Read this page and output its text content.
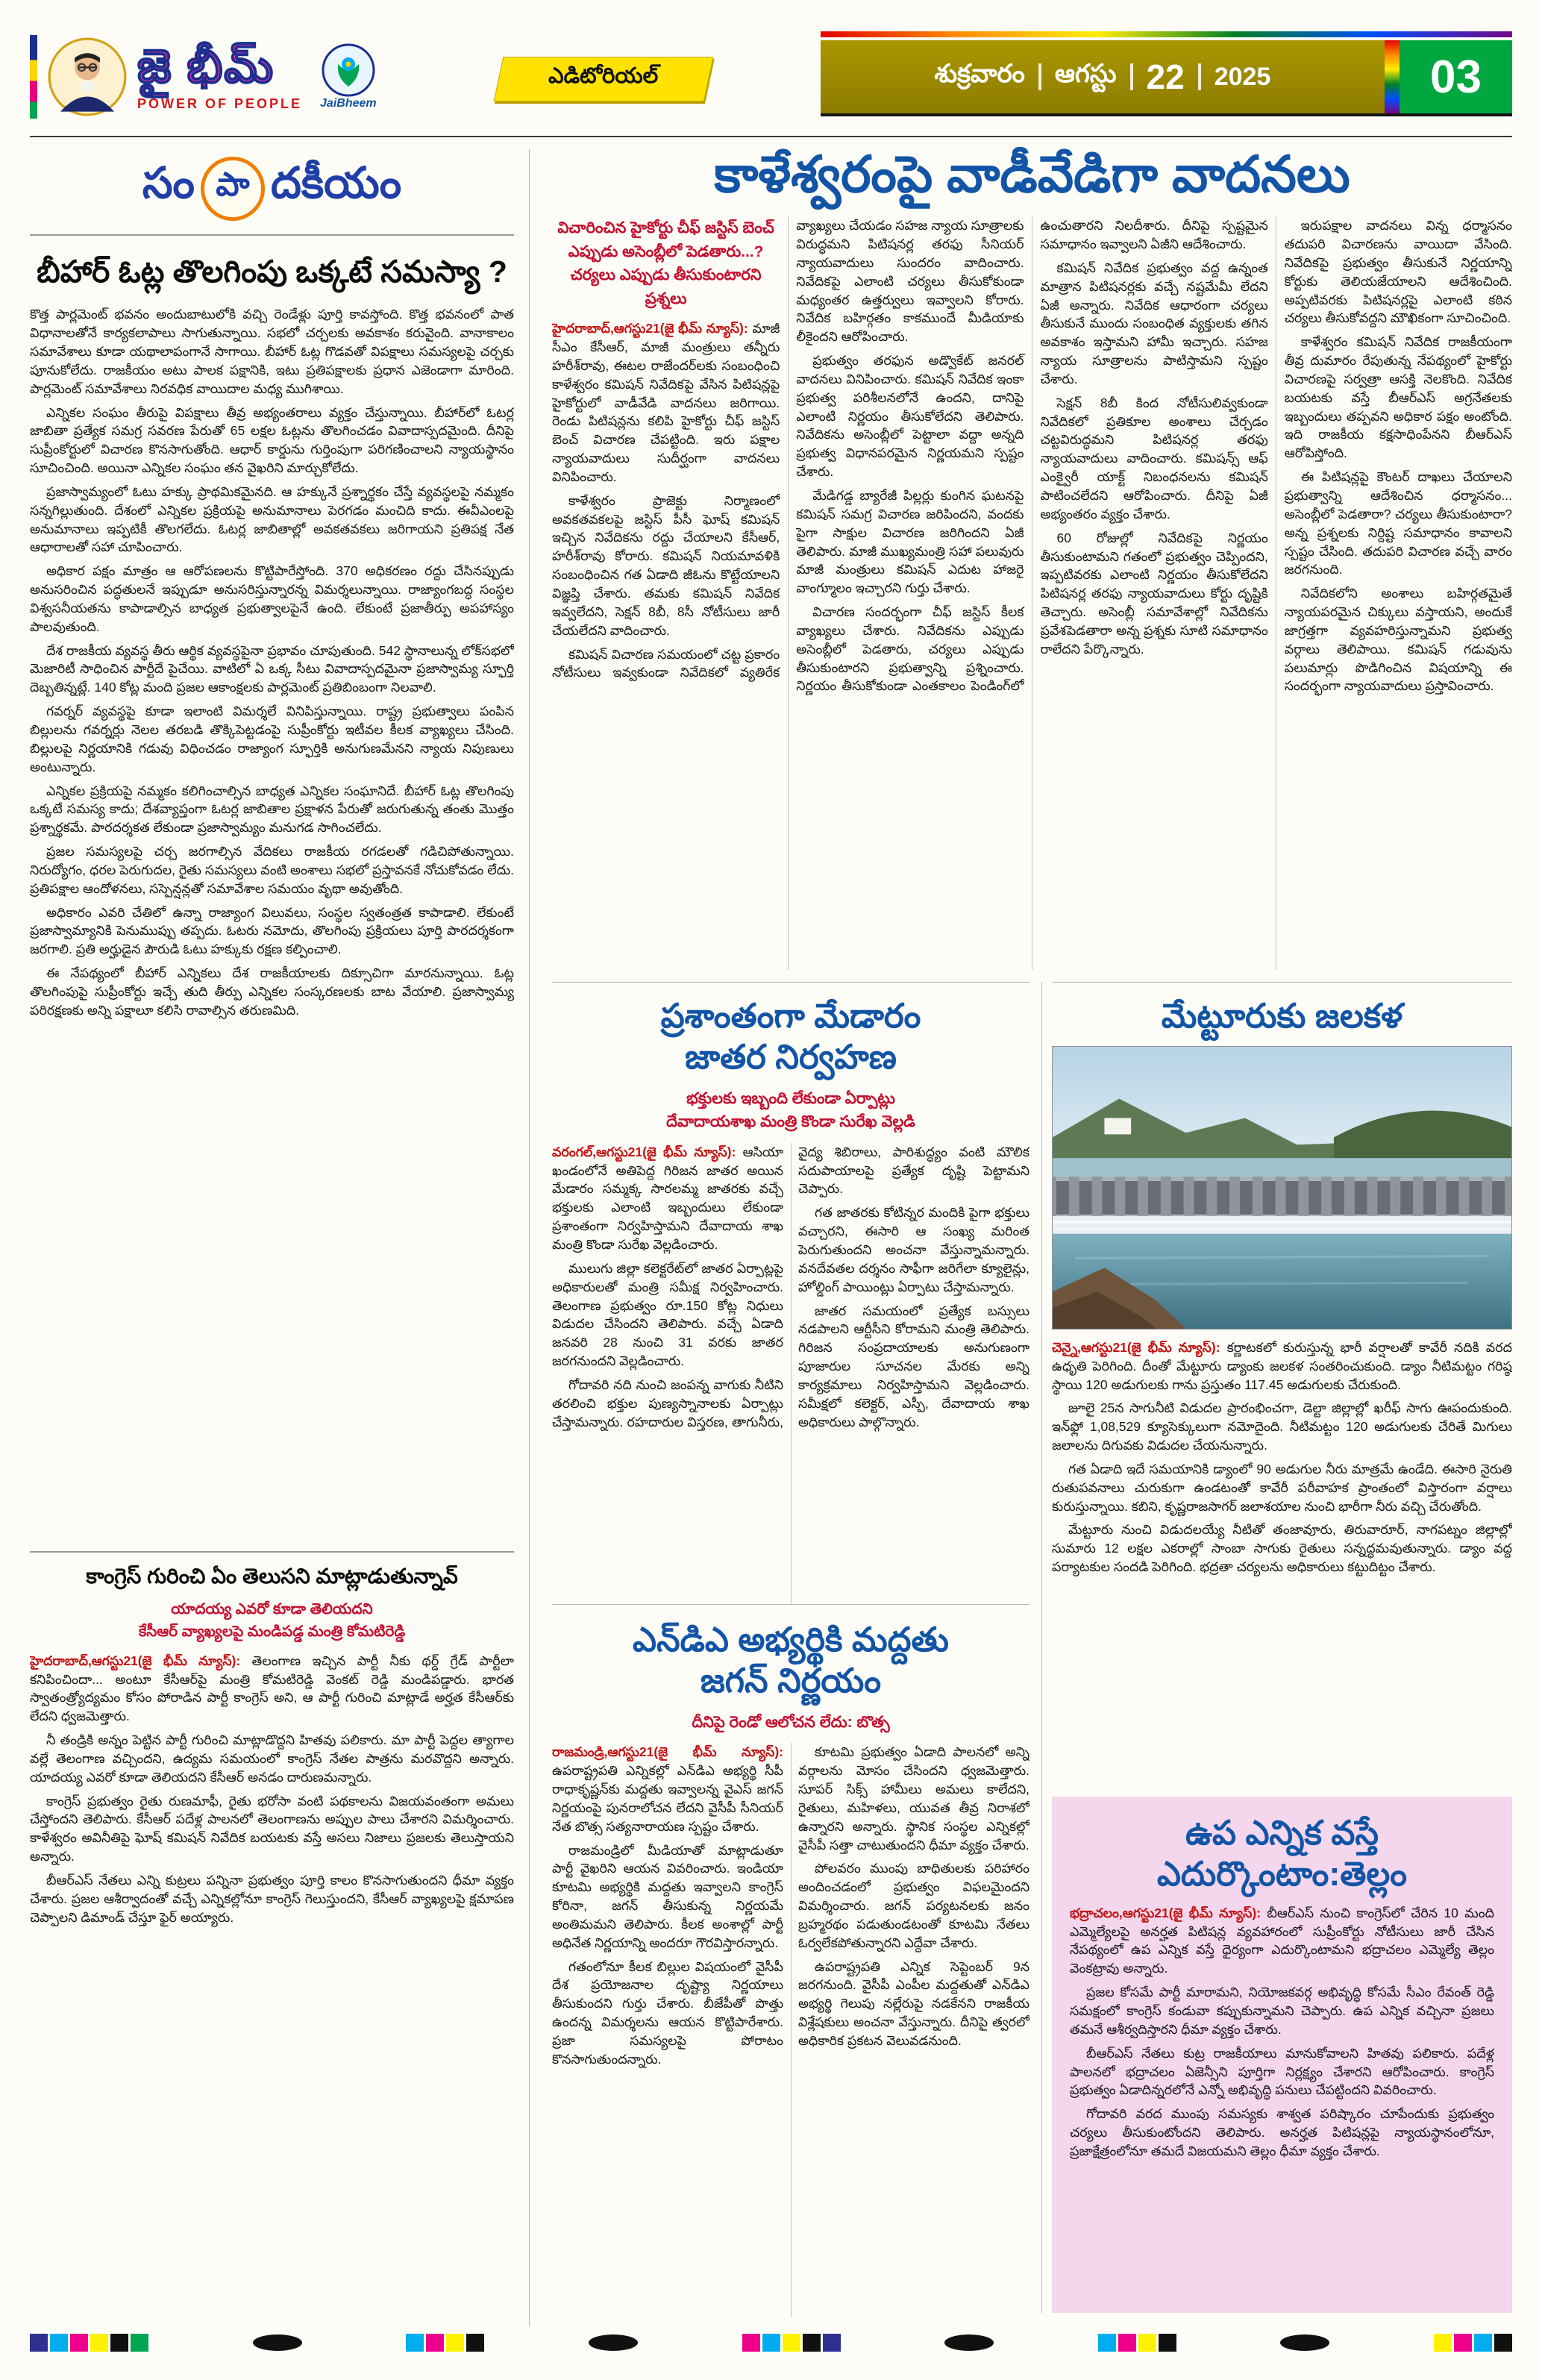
జై భీమ్
POWER OF PEOPLE JaiBheem
ఎడిటోరియల్	శుక్రవారం ఆగస్టు 22 2025	03
సం పా దకీయం
బీహార్ ఓట్ల తొలగింపు ఒక్కటే సమస్యా ?

కొత్త పార్లమెంట్ భవనం అందుబాటులోకి వచ్చి రెండేళ్లు పూర్తి కావస్తోంది. కొత్త భవనంలో పాత విధానాలతోనే కార్యకలాపాలు సాగుతున్నాయి. సభలో చర్చలకు అవకాశం కరువైంది. వానాకాలం సమావేశాలు కూడా యథాలాపంగానే సాగాయి. బీహార్ ఓట్ల గొడవతో విపక్షాలు సమస్యలపై చర్చకు పూనుకోలేదు. రాజకీయం అటు పాలక పక్షానికి, ఇటు ప్రతిపక్షాలకు ప్రధాన ఎజెండాగా మారింది. పార్లమెంట్ సమావేశాలు నిరవధిక వాయిదాల మధ్య ముగిశాయి.

ఎన్నికల సంఘం తీరుపై విపక్షాలు తీవ్ర అభ్యంతరాలు వ్యక్తం చేస్తున్నాయి. బీహార్‌లో ఓటర్ల జాబితా ప్రత్యేక సమగ్ర సవరణ పేరుతో 65 లక్షల ఓట్లను తొలగించడం వివాదాస్పదమైంది. దీనిపై సుప్రీంకోర్టులో విచారణ కొనసాగుతోంది. ఆధార్ కార్డును గుర్తింపుగా పరిగణించాలని న్యాయస్థానం సూచించింది. అయినా ఎన్నికల సంఘం తన వైఖరిని మార్చుకోలేదు.

ప్రజాస్వామ్యంలో ఓటు హక్కు ప్రాథమికమైనది. ఆ హక్కునే ప్రశ్నార్థకం చేస్తే వ్యవస్థలపై నమ్మకం సన్నగిల్లుతుంది. దేశంలో ఎన్నికల ప్రక్రియపై అనుమానాలు పెరగడం మంచిది కాదు. ఈవీఎంలపై అనుమానాలు ఇప్పటికీ తొలగలేదు. ఓటర్ల జాబితాల్లో అవకతవకలు జరిగాయని ప్రతిపక్ష నేత ఆధారాలతో సహా చూపించారు.

అధికార పక్షం మాత్రం ఆ ఆరోపణలను కొట్టిపారేస్తోంది. 370 అధికరణం రద్దు చేసినప్పుడు అనుసరించిన పద్ధతులనే ఇప్పుడూ అనుసరిస్తున్నారన్న విమర్శలున్నాయి. రాజ్యాంగబద్ధ సంస్థల విశ్వసనీయతను కాపాడాల్సిన బాధ్యత ప్రభుత్వాలపైనే ఉంది. లేకుంటే ప్రజాతీర్పు అపహాస్యం పాలవుతుంది.

దేశ రాజకీయ వ్యవస్థ తీరు ఆర్థిక వ్యవస్థపైనా ప్రభావం చూపుతుంది. 542 స్థానాలున్న లోక్‌సభలో మెజారిటీ సాధించిన పార్టీదే పైచేయి. వాటిలో ఏ ఒక్క సీటు వివాదాస్పదమైనా ప్రజాస్వామ్య స్ఫూర్తి దెబ్బతిన్నట్లే. 140 కోట్ల మంది ప్రజల ఆకాంక్షలకు పార్లమెంట్ ప్రతిబింబంగా నిలవాలి.

గవర్నర్ వ్యవస్థపై కూడా ఇలాంటి విమర్శలే వినిపిస్తున్నాయి. రాష్ట్ర ప్రభుత్వాలు పంపిన బిల్లులను గవర్నర్లు నెలల తరబడి తొక్కిపెట్టడంపై సుప్రీంకోర్టు ఇటీవల కీలక వ్యాఖ్యలు చేసింది. బిల్లులపై నిర్ణయానికి గడువు విధించడం రాజ్యాంగ స్ఫూర్తికి అనుగుణమేనని న్యాయ నిపుణులు అంటున్నారు.

ఎన్నికల ప్రక్రియపై నమ్మకం కలిగించాల్సిన బాధ్యత ఎన్నికల సంఘానిదే. బీహార్ ఓట్ల తొలగింపు ఒక్కటే సమస్య కాదు; దేశవ్యాప్తంగా ఓటర్ల జాబితాల ప్రక్షాళన పేరుతో జరుగుతున్న తంతు మొత్తం ప్రశ్నార్థకమే. పారదర్శకత లేకుండా ప్రజాస్వామ్యం మనుగడ సాగించలేదు.

ప్రజల సమస్యలపై చర్చ జరగాల్సిన వేదికలు రాజకీయ రగడలతో గడిచిపోతున్నాయి. నిరుద్యోగం, ధరల పెరుగుదల, రైతు సమస్యలు వంటి అంశాలు సభలో ప్రస్తావనకే నోచుకోవడం లేదు. ప్రతిపక్షాల ఆందోళనలు, సస్పెన్షన్లతో సమావేశాల సమయం వృథా అవుతోంది.

అధికారం ఎవరి చేతిలో ఉన్నా రాజ్యాంగ విలువలు, సంస్థల స్వతంత్రత కాపాడాలి. లేకుంటే ప్రజాస్వామ్యానికి పెనుముప్పు తప్పదు. ఓటరు నమోదు, తొలగింపు ప్రక్రియలు పూర్తి పారదర్శకంగా జరగాలి. ప్రతి అర్హుడైన పౌరుడి ఓటు హక్కుకు రక్షణ కల్పించాలి.

ఈ నేపథ్యంలో బీహార్ ఎన్నికలు దేశ రాజకీయాలకు దిక్సూచిగా మారనున్నాయి. ఓట్ల తొలగింపుపై సుప్రీంకోర్టు ఇచ్చే తుది తీర్పు ఎన్నికల సంస్కరణలకు బాట వేయాలి. ప్రజాస్వామ్య పరిరక్షణకు అన్ని పక్షాలూ కలిసి రావాల్సిన తరుణమిది.

కాంగ్రెస్ గురించి ఏం తెలుసని మాట్లాడుతున్నావ్
యాదయ్య ఎవరో కూడా తెలియదని
కేసీఆర్ వ్యాఖ్యలపై మండిపడ్డ మంత్రి కోమటిరెడ్డి

హైదరాబాద్,ఆగస్టు21(జై భీమ్ న్యూస్): తెలంగాణ ఇచ్చిన పార్టీ నీకు థర్డ్ గ్రేడ్ పార్టీలా కనిపించిందా... అంటూ కేసీఆర్‌పై మంత్రి కోమటిరెడ్డి వెంకట్ రెడ్డి మండిపడ్డారు. భారత స్వాతంత్ర్యోద్యమం కోసం పోరాడిన పార్టీ కాంగ్రెస్ అని, ఆ పార్టీ గురించి మాట్లాడే అర్హత కేసీఆర్‌కు లేదని ధ్వజమెత్తారు.

నీ తండ్రికి అన్నం పెట్టిన పార్టీ గురించి మాట్లాడొద్దని హితవు పలికారు. మా పార్టీ పెద్దల త్యాగాల వల్లే తెలంగాణ వచ్చిందని, ఉద్యమ సమయంలో కాంగ్రెస్ నేతల పాత్రను మరవొద్దని అన్నారు. యాదయ్య ఎవరో కూడా తెలియదని కేసీఆర్ అనడం దారుణమన్నారు.

కాంగ్రెస్ ప్రభుత్వం రైతు రుణమాఫీ, రైతు భరోసా వంటి పథకాలను విజయవంతంగా అమలు చేస్తోందని తెలిపారు. కేసీఆర్ పదేళ్ల పాలనలో తెలంగాణను అప్పుల పాలు చేశారని విమర్శించారు. కాళేశ్వరం అవినీతిపై ఘోష్ కమిషన్ నివేదిక బయటకు వస్తే అసలు నిజాలు ప్రజలకు తెలుస్తాయని అన్నారు.

బీఆర్ఎస్ నేతలు ఎన్ని కుట్రలు పన్నినా ప్రభుత్వం పూర్తి కాలం కొనసాగుతుందని ధీమా వ్యక్తం చేశారు. ప్రజల ఆశీర్వాదంతో వచ్చే ఎన్నికల్లోనూ కాంగ్రెస్ గెలుస్తుందని, కేసీఆర్ వ్యాఖ్యలపై క్షమాపణ చెప్పాలని డిమాండ్ చేస్తూ ఫైర్ అయ్యారు.

కాళేశ్వరంపై వాడీవేడిగా వాదనలు
విచారించిన హైకోర్టు చీఫ్ జస్టిస్ బెంచ్
ఎప్పుడు అసెంబ్లీలో పెడతారు...?
చర్యలు ఎప్పుడు తీసుకుంటారని ప్రశ్నలు

హైదరాబాద్,ఆగస్టు21(జై భీమ్ న్యూస్): మాజీ సీఎం కేసీఆర్, మాజీ మంత్రులు తన్నీరు హరీశ్‌రావు, ఈటల రాజేందర్‌లకు సంబంధించి కాళేశ్వరం కమిషన్ నివేదికపై వేసిన పిటిషన్లపై హైకోర్టులో వాడీవేడి వాదనలు జరిగాయి. రెండు పిటిషన్లను కలిపి హైకోర్టు చీఫ్ జస్టిస్ బెంచ్ విచారణ చేపట్టింది. ఇరు పక్షాల న్యాయవాదులు సుదీర్ఘంగా వాదనలు వినిపించారు.

కాళేశ్వరం ప్రాజెక్టు నిర్మాణంలో అవకతవకలపై జస్టిస్ పీసీ ఘోష్ కమిషన్ ఇచ్చిన నివేదికను రద్దు చేయాలని కేసీఆర్, హరీశ్‌రావు కోరారు. కమిషన్ నియమావళికి సంబంధించిన గత ఏడాది జీఓను కొట్టేయాలని విజ్ఞప్తి చేశారు. తమకు కమిషన్ నివేదిక ఇవ్వలేదని, సెక్షన్ 8బీ, 8సీ నోటీసులు జారీ చేయలేదని వాదించారు.

కమిషన్ విచారణ సమయంలో చట్ట ప్రకారం నోటీసులు ఇవ్వకుండా నివేదికలో వ్యతిరేక వ్యాఖ్యలు చేయడం సహజ న్యాయ సూత్రాలకు విరుద్ధమని పిటిషనర్ల తరఫు సీనియర్ న్యాయవాదులు సుందరం వాదించారు. నివేదికపై ఎలాంటి చర్యలు తీసుకోకుండా మధ్యంతర ఉత్తర్వులు ఇవ్వాలని కోరారు. నివేదిక బహిర్గతం కాకముందే మీడియాకు లీకైందని ఆరోపించారు.

ప్రభుత్వం తరఫున అడ్వొకేట్ జనరల్ వాదనలు వినిపించారు. కమిషన్ నివేదిక ఇంకా ప్రభుత్వ పరిశీలనలోనే ఉందని, దానిపై ఎలాంటి నిర్ణయం తీసుకోలేదని తెలిపారు. నివేదికను అసెంబ్లీలో పెట్టాలా వద్దా అన్నది ప్రభుత్వ విధానపరమైన నిర్ణయమని స్పష్టం చేశారు.

మేడిగడ్డ బ్యారేజీ పిల్లర్లు కుంగిన ఘటనపై కమిషన్ సమగ్ర విచారణ జరిపిందని, వందకు పైగా సాక్షుల విచారణ జరిగిందని ఏజీ తెలిపారు. మాజీ ముఖ్యమంత్రి సహా పలువురు మాజీ మంత్రులు కమిషన్ ఎదుట హాజరై వాంగ్మూలం ఇచ్చారని గుర్తు చేశారు.

విచారణ సందర్భంగా చీఫ్ జస్టిస్ కీలక వ్యాఖ్యలు చేశారు. నివేదికను ఎప్పుడు అసెంబ్లీలో పెడతారు, చర్యలు ఎప్పుడు తీసుకుంటారని ప్రభుత్వాన్ని ప్రశ్నించారు. నిర్ణయం తీసుకోకుండా ఎంతకాలం పెండింగ్‌లో ఉంచుతారని నిలదీశారు. దీనిపై స్పష్టమైన సమాధానం ఇవ్వాలని ఏజీని ఆదేశించారు.

కమిషన్ నివేదిక ప్రభుత్వం వద్ద ఉన్నంత మాత్రాన పిటిషనర్లకు వచ్చే నష్టమేమీ లేదని ఏజీ అన్నారు. నివేదిక ఆధారంగా చర్యలు తీసుకునే ముందు సంబంధిత వ్యక్తులకు తగిన అవకాశం ఇస్తామని హామీ ఇచ్చారు. సహజ న్యాయ సూత్రాలను పాటిస్తామని స్పష్టం చేశారు.

సెక్షన్ 8బీ కింద నోటీసులివ్వకుండా నివేదికలో ప్రతికూల అంశాలు చేర్చడం చట్టవిరుద్ధమని పిటిషనర్ల తరఫు న్యాయవాదులు వాదించారు. కమిషన్స్ ఆఫ్ ఎంక్వైరీ యాక్ట్ నిబంధనలను కమిషన్ పాటించలేదని ఆరోపించారు. దీనిపై ఏజీ అభ్యంతరం వ్యక్తం చేశారు.

60 రోజుల్లో నివేదికపై నిర్ణయం తీసుకుంటామని గతంలో ప్రభుత్వం చెప్పిందని, ఇప్పటివరకు ఎలాంటి నిర్ణయం తీసుకోలేదని పిటిషనర్ల తరఫు న్యాయవాదులు కోర్టు దృష్టికి తెచ్చారు. అసెంబ్లీ సమావేశాల్లో నివేదికను ప్రవేశపెడతారా అన్న ప్రశ్నకు సూటి సమాధానం రాలేదని పేర్కొన్నారు.

ఇరుపక్షాల వాదనలు విన్న ధర్మాసనం తదుపరి విచారణను వాయిదా వేసింది. నివేదికపై ప్రభుత్వం తీసుకునే నిర్ణయాన్ని కోర్టుకు తెలియజేయాలని ఆదేశించింది. అప్పటివరకు పిటిషనర్లపై ఎలాంటి కఠిన చర్యలు తీసుకోవద్దని మౌఖికంగా సూచించింది.

కాళేశ్వరం కమిషన్ నివేదిక రాజకీయంగా తీవ్ర దుమారం రేపుతున్న నేపథ్యంలో హైకోర్టు విచారణపై సర్వత్రా ఆసక్తి నెలకొంది. నివేదిక బయటకు వస్తే బీఆర్ఎస్ అగ్రనేతలకు ఇబ్బందులు తప్పవని అధికార పక్షం అంటోంది. ఇది రాజకీయ కక్షసాధింపేనని బీఆర్ఎస్ ఆరోపిస్తోంది.

ఈ పిటిషన్లపై కౌంటర్ దాఖలు చేయాలని ప్రభుత్వాన్ని ఆదేశించిన ధర్మాసనం... అసెంబ్లీలో పెడతారా? చర్యలు తీసుకుంటారా? అన్న ప్రశ్నలకు నిర్దిష్ట సమాధానం కావాలని స్పష్టం చేసింది. తదుపరి విచారణ వచ్చే వారం జరగనుంది.

నివేదికలోని అంశాలు బహిర్గతమైతే న్యాయపరమైన చిక్కులు వస్తాయని, అందుకే జాగ్రత్తగా వ్యవహరిస్తున్నామని ప్రభుత్వ వర్గాలు తెలిపాయి. కమిషన్ గడువును పలుమార్లు పొడిగించిన విషయాన్ని ఈ సందర్భంగా న్యాయవాదులు ప్రస్తావించారు.

ప్రశాంతంగా మేడారం
జాతర నిర్వహణ
భక్తులకు ఇబ్బంది లేకుండా ఏర్పాట్లు
దేవాదాయశాఖ మంత్రి కొండా సురేఖ వెల్లడి

వరంగల్,ఆగస్టు21(జై భీమ్ న్యూస్): ఆసియా ఖండంలోనే అతిపెద్ద గిరిజన జాతర అయిన మేడారం సమ్మక్క సారలమ్మ జాతరకు వచ్చే భక్తులకు ఎలాంటి ఇబ్బందులు లేకుండా ప్రశాంతంగా నిర్వహిస్తామని దేవాదాయ శాఖ మంత్రి కొండా సురేఖ వెల్లడించారు.

ములుగు జిల్లా కలెక్టరేట్‌లో జాతర ఏర్పాట్లపై అధికారులతో మంత్రి సమీక్ష నిర్వహించారు. తెలంగాణ ప్రభుత్వం రూ.150 కోట్ల నిధులు విడుదల చేసిందని తెలిపారు. వచ్చే ఏడాది జనవరి 28 నుంచి 31 వరకు జాతర జరగనుందని వెల్లడించారు.

గోదావరి నది నుంచి జంపన్న వాగుకు నీటిని తరలించి భక్తుల పుణ్యస్నానాలకు ఏర్పాట్లు చేస్తామన్నారు. రహదారుల విస్తరణ, తాగునీరు, వైద్య శిబిరాలు, పారిశుద్ధ్యం వంటి మౌలిక సదుపాయాలపై ప్రత్యేక దృష్టి పెట్టామని చెప్పారు.

గత జాతరకు కోటిన్నర మందికి పైగా భక్తులు వచ్చారని, ఈసారి ఆ సంఖ్య మరింత పెరుగుతుందని అంచనా వేస్తున్నామన్నారు. వనదేవతల దర్శనం సాఫీగా జరిగేలా క్యూలైన్లు, హోల్డింగ్ పాయింట్లు ఏర్పాటు చేస్తామన్నారు.

జాతర సమయంలో ప్రత్యేక బస్సులు నడపాలని ఆర్టీసీని కోరామని మంత్రి తెలిపారు. గిరిజన సంప్రదాయాలకు అనుగుణంగా పూజారుల సూచనల మేరకు అన్ని కార్యక్రమాలు నిర్వహిస్తామని వెల్లడించారు. సమీక్షలో కలెక్టర్, ఎస్పీ, దేవాదాయ శాఖ అధికారులు పాల్గొన్నారు.

ఎన్‌డిఎ అభ్యర్థికి మద్దతు
జగన్ నిర్ణయం
దీనిపై రెండో ఆలోచన లేదు: బొత్స

రాజమండ్రి,ఆగస్టు21(జై భీమ్ న్యూస్): ఉపరాష్ట్రపతి ఎన్నికల్లో ఎన్‌డిఎ అభ్యర్థి సీపీ రాధాకృష్ణన్‌కు మద్దతు ఇవ్వాలన్న వైఎస్ జగన్ నిర్ణయంపై పునరాలోచన లేదని వైసీపీ సీనియర్ నేత బొత్స సత్యనారాయణ స్పష్టం చేశారు.

రాజమండ్రిలో మీడియాతో మాట్లాడుతూ పార్టీ వైఖరిని ఆయన వివరించారు. ఇండియా కూటమి అభ్యర్థికి మద్దతు ఇవ్వాలని కాంగ్రెస్ కోరినా, జగన్ తీసుకున్న నిర్ణయమే అంతిమమని తెలిపారు. కీలక అంశాల్లో పార్టీ అధినేత నిర్ణయాన్ని అందరూ గౌరవిస్తారన్నారు.

గతంలోనూ కీలక బిల్లుల విషయంలో వైసీపీ దేశ ప్రయోజనాల దృష్ట్యా నిర్ణయాలు తీసుకుందని గుర్తు చేశారు. బీజేపీతో పొత్తు ఉందన్న విమర్శలను ఆయన కొట్టిపారేశారు. ప్రజా సమస్యలపై పోరాటం కొనసాగుతుందన్నారు.

కూటమి ప్రభుత్వం ఏడాది పాలనలో అన్ని వర్గాలను మోసం చేసిందని ధ్వజమెత్తారు. సూపర్ సిక్స్ హామీలు అమలు కాలేదని, రైతులు, మహిళలు, యువత తీవ్ర నిరాశలో ఉన్నారని అన్నారు. స్థానిక సంస్థల ఎన్నికల్లో వైసీపీ సత్తా చాటుతుందని ధీమా వ్యక్తం చేశారు.

పోలవరం ముంపు బాధితులకు పరిహారం అందించడంలో ప్రభుత్వం విఫలమైందని విమర్శించారు. జగన్ పర్యటనలకు జనం బ్రహ్మరథం పడుతుండటంతో కూటమి నేతలు ఓర్వలేకపోతున్నారని ఎద్దేవా చేశారు.

ఉపరాష్ట్రపతి ఎన్నిక సెప్టెంబర్ 9న జరగనుంది. వైసీపీ ఎంపీల మద్దతుతో ఎన్‌డిఎ అభ్యర్థి గెలుపు నల్లేరుపై నడకేనని రాజకీయ విశ్లేషకులు అంచనా వేస్తున్నారు. దీనిపై త్వరలో అధికారిక ప్రకటన వెలువడనుంది.

మేట్టూరుకు జలకళ

చెన్నై,ఆగస్టు21(జై భీమ్ న్యూస్): కర్ణాటకలో కురుస్తున్న భారీ వర్షాలతో కావేరీ నదికి వరద ఉధృతి పెరిగింది. దీంతో మేట్టూరు డ్యాంకు జలకళ సంతరించుకుంది. డ్యాం నీటిమట్టం గరిష్ఠ స్థాయి 120 అడుగులకు గాను ప్రస్తుతం 117.45 అడుగులకు చేరుకుంది.

జూలై 25న సాగునీటి విడుదల ప్రారంభించగా, డెల్టా జిల్లాల్లో ఖరీఫ్ సాగు ఊపందుకుంది. ఇన్‌ఫ్లో 1,08,529 క్యూసెక్కులుగా నమోదైంది. నీటిమట్టం 120 అడుగులకు చేరితే మిగులు జలాలను దిగువకు విడుదల చేయనున్నారు.

గత ఏడాది ఇదే సమయానికి డ్యాంలో 90 అడుగుల నీరు మాత్రమే ఉండేది. ఈసారి నైరుతి రుతుపవనాలు చురుకుగా ఉండటంతో కావేరీ పరీవాహక ప్రాంతంలో విస్తారంగా వర్షాలు కురుస్తున్నాయి. కబిని, కృష్ణరాజసాగర్ జలాశయాల నుంచి భారీగా నీరు వచ్చి చేరుతోంది.

మేట్టూరు నుంచి విడుదలయ్యే నీటితో తంజావూరు, తిరువారూర్, నాగపట్నం జిల్లాల్లో సుమారు 12 లక్షల ఎకరాల్లో సాంబా సాగుకు రైతులు సన్నద్ధమవుతున్నారు. డ్యాం వద్ద పర్యాటకుల సందడి పెరిగింది. భద్రతా చర్యలను అధికారులు కట్టుదిట్టం చేశారు.

ఉప ఎన్నిక వస్తే
ఎదుర్కొంటాం:తెల్లం

భద్రాచలం,ఆగస్టు21(జై భీమ్ న్యూస్): బీఆర్ఎస్ నుంచి కాంగ్రెస్‌లో చేరిన 10 మంది ఎమ్మెల్యేలపై అనర్హత పిటిషన్ల వ్యవహారంలో సుప్రీంకోర్టు నోటీసులు జారీ చేసిన నేపథ్యంలో ఉప ఎన్నిక వస్తే ధైర్యంగా ఎదుర్కొంటామని భద్రాచలం ఎమ్మెల్యే తెల్లం వెంకట్రావు అన్నారు.

ప్రజల కోసమే పార్టీ మారామని, నియోజకవర్గ అభివృద్ధి కోసమే సీఎం రేవంత్ రెడ్డి సమక్షంలో కాంగ్రెస్ కండువా కప్పుకున్నామని చెప్పారు. ఉప ఎన్నిక వచ్చినా ప్రజలు తమనే ఆశీర్వదిస్తారని ధీమా వ్యక్తం చేశారు.

బీఆర్ఎస్ నేతలు కుట్ర రాజకీయాలు మానుకోవాలని హితవు పలికారు. పదేళ్ల పాలనలో భద్రాచలం ఏజెన్సీని పూర్తిగా నిర్లక్ష్యం చేశారని ఆరోపించారు. కాంగ్రెస్ ప్రభుత్వం ఏడాదిన్నరలోనే ఎన్నో అభివృద్ధి పనులు చేపట్టిందని వివరించారు.

గోదావరి వరద ముంపు సమస్యకు శాశ్వత పరిష్కారం చూపేందుకు ప్రభుత్వం చర్యలు తీసుకుంటోందని తెలిపారు. అనర్హత పిటిషన్లపై న్యాయస్థానంలోనూ, ప్రజాక్షేత్రంలోనూ తమదే విజయమని తెల్లం ధీమా వ్యక్తం చేశారు.
